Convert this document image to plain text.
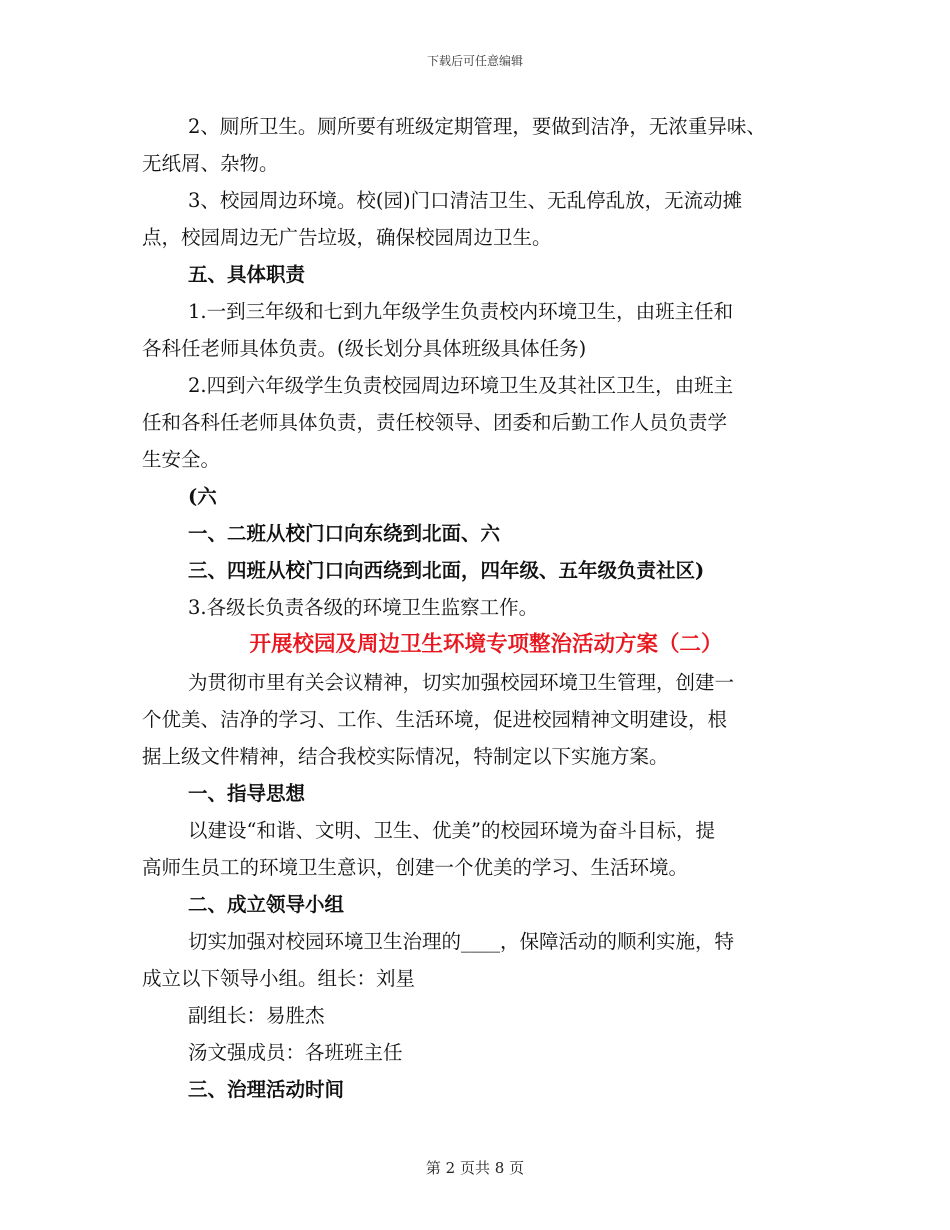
下载后可任意编辑
2、厕所卫生。厕所要有班级定期管理，要做到洁净，无浓重异味、
无纸屑、杂物。
3、校园周边环境。校(园)门口清洁卫生、无乱停乱放，无流动摊
点，校园周边无广告垃圾，确保校园周边卫生。
五、具体职责
1.一到三年级和七到九年级学生负责校内环境卫生，由班主任和
各科任老师具体负责。(级长划分具体班级具体任务)
2.四到六年级学生负责校园周边环境卫生及其社区卫生，由班主
任和各科任老师具体负责，责任校领导、团委和后勤工作人员负责学
生安全。
(六
一、二班从校门口向东绕到北面、六
三、四班从校门口向西绕到北面，四年级、五年级负责社区)
3.各级长负责各级的环境卫生监察工作。
开展校园及周边卫生环境专项整治活动方案（二）
为贯彻市里有关会议精神，切实加强校园环境卫生管理，创建一
个优美、洁净的学习、工作、生活环境，促进校园精神文明建设，根
据上级文件精神，结合我校实际情况，特制定以下实施方案。
一、指导思想
以建设“和谐、文明、卫生、优美”的校园环境为奋斗目标，提
高师生员工的环境卫生意识，创建一个优美的学习、生活环境。
二、成立领导小组
切实加强对校园环境卫生治理的____，保障活动的顺利实施，特
成立以下领导小组。组长：刘星
副组长：易胜杰
汤文强成员：各班班主任
三、治理活动时间
第 2 页共 8 页
